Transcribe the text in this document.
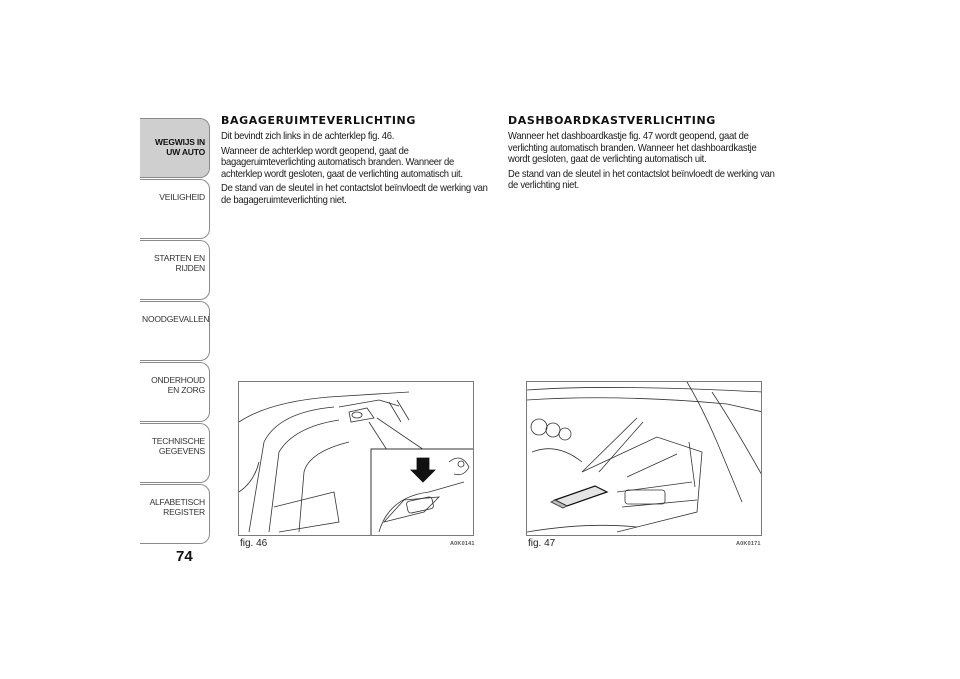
WEGWIJS IN UW AUTO
VEILIGHEID
STARTEN EN RIJDEN
NOODGEVALLEN
ONDERHOUD EN ZORG
TECHNISCHE GEGEVENS
ALFABETISCH REGISTER
74
BAGAGERUIMTEVERLICHTING

Dit bevindt zich links in de achterklep fig. 46.

Wanneer de achterklep wordt geopend, gaat de bagageruimteverlichting automatisch branden. Wanneer de achterklep wordt gesloten, gaat de verlichting automatisch uit.

De stand van de sleutel in het contactslot beïnvloedt de werking van de bagageruimteverlichting niet.

DASHBOARDKASTVERLICHTING

Wanneer het dashboardkastje fig. 47 wordt geopend, gaat de verlichting automatisch branden. Wanneer het dashboardkastje wordt gesloten, gaat de verlichting automatisch uit.

De stand van de sleutel in het contactslot beïnvloedt de werking van de verlichting niet.

fig. 46	A0K0141	fig. 47	A0K0171
